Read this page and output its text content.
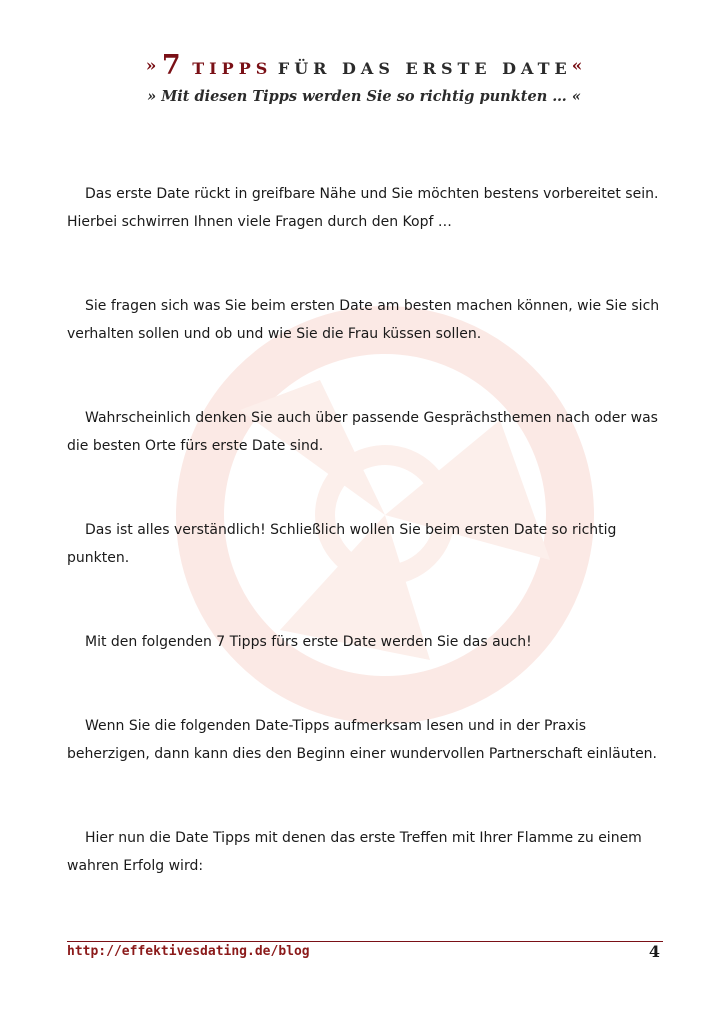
» 7 TIPPS FÜR DAS ERSTE DATE«
» Mit diesen Tipps werden Sie so richtig punkten … «

Das erste Date rückt in greifbare Nähe und Sie möchten bestens vorbereitet sein. Hierbei schwirren Ihnen viele Fragen durch den Kopf …

Sie fragen sich was Sie beim ersten Date am besten machen können, wie Sie sich verhalten sollen und ob und wie Sie die Frau küssen sollen.

Wahrscheinlich denken Sie auch über passende Gesprächsthemen nach oder was die besten Orte fürs erste Date sind.

Das ist alles verständlich! Schließlich wollen Sie beim ersten Date so richtig punkten.

Mit den folgenden 7 Tipps fürs erste Date werden Sie das auch!

Wenn Sie die folgenden Date-Tipps aufmerksam lesen und in der Praxis beherzigen, dann kann dies den Beginn einer wundervollen Partnerschaft einläuten.

Hier nun die Date Tipps mit denen das erste Treffen mit Ihrer Flamme zu einem wahren Erfolg wird:

http://effektivesdating.de/blog	4
